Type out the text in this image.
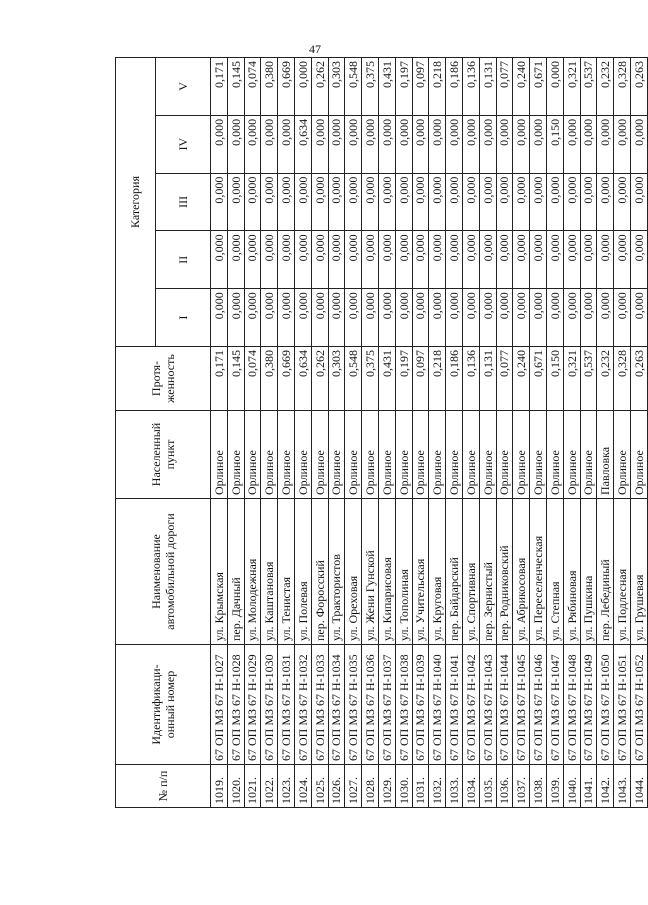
47
№ п/п	Идентификаци-онный номер	Наименование автомобильной дороги	Населенный пункт	Протя-женность	Категория				
					I	II	III	IV	V
1019.	67 ОП МЗ 67 Н-1027	ул. Крымская	Орлиное	0,171	0,000	0,000	0,000	0,000	0,171
1020.	67 ОП МЗ 67 Н-1028	пер. Дачный	Орлиное	0,145	0,000	0,000	0,000	0,000	0,145
1021.	67 ОП МЗ 67 Н-1029	ул. Молодежная	Орлиное	0,074	0,000	0,000	0,000	0,000	0,074
1022.	67 ОП МЗ 67 Н-1030	ул. Каштановая	Орлиное	0,380	0,000	0,000	0,000	0,000	0,380
1023.	67 ОП МЗ 67 Н-1031	ул. Тенистая	Орлиное	0,669	0,000	0,000	0,000	0,000	0,669
1024.	67 ОП МЗ 67 Н-1032	ул. Полевая	Орлиное	0,634	0,000	0,000	0,000	0,634	0,000
1025.	67 ОП МЗ 67 Н-1033	пер. Форосский	Орлиное	0,262	0,000	0,000	0,000	0,000	0,262
1026.	67 ОП МЗ 67 Н-1034	ул. Трактористов	Орлиное	0,303	0,000	0,000	0,000	0,000	0,303
1027.	67 ОП МЗ 67 Н-1035	ул. Ореховая	Орлиное	0,548	0,000	0,000	0,000	0,000	0,548
1028.	67 ОП МЗ 67 Н-1036	ул. Жени Гунской	Орлиное	0,375	0,000	0,000	0,000	0,000	0,375
1029.	67 ОП МЗ 67 Н-1037	ул. Кипарисовая	Орлиное	0,431	0,000	0,000	0,000	0,000	0,431
1030.	67 ОП МЗ 67 Н-1038	ул. Тополиная	Орлиное	0,197	0,000	0,000	0,000	0,000	0,197
1031.	67 ОП МЗ 67 Н-1039	ул. Учительская	Орлиное	0,097	0,000	0,000	0,000	0,000	0,097
1032.	67 ОП МЗ 67 Н-1040	ул. Круговая	Орлиное	0,218	0,000	0,000	0,000	0,000	0,218
1033.	67 ОП МЗ 67 Н-1041	пер. Байдарский	Орлиное	0,186	0,000	0,000	0,000	0,000	0,186
1034.	67 ОП МЗ 67 Н-1042	ул. Спортивная	Орлиное	0,136	0,000	0,000	0,000	0,000	0,136
1035.	67 ОП МЗ 67 Н-1043	пер. Зернистый	Орлиное	0,131	0,000	0,000	0,000	0,000	0,131
1036.	67 ОП МЗ 67 Н-1044	пер. Родниковский	Орлиное	0,077	0,000	0,000	0,000	0,000	0,077
1037.	67 ОП МЗ 67 Н-1045	ул. Абрикосовая	Орлиное	0,240	0,000	0,000	0,000	0,000	0,240
1038.	67 ОП МЗ 67 Н-1046	ул. Переселенческая	Орлиное	0,671	0,000	0,000	0,000	0,000	0,671
1039.	67 ОП МЗ 67 Н-1047	ул. Степная	Орлиное	0,150	0,000	0,000	0,000	0,150	0,000
1040.	67 ОП МЗ 67 Н-1048	ул. Рябиновая	Орлиное	0,321	0,000	0,000	0,000	0,000	0,321
1041.	67 ОП МЗ 67 Н-1049	ул. Пушкина	Орлиное	0,537	0,000	0,000	0,000	0,000	0,537
1042.	67 ОП МЗ 67 Н-1050	пер. Лебединый	Павловка	0,232	0,000	0,000	0,000	0,000	0,232
1043.	67 ОП МЗ 67 Н-1051	ул. Подлесная	Орлиное	0,328	0,000	0,000	0,000	0,000	0,328
1044.	67 ОП МЗ 67 Н-1052	ул. Грушевая	Орлиное	0,263	0,000	0,000	0,000	0,000	0,263
